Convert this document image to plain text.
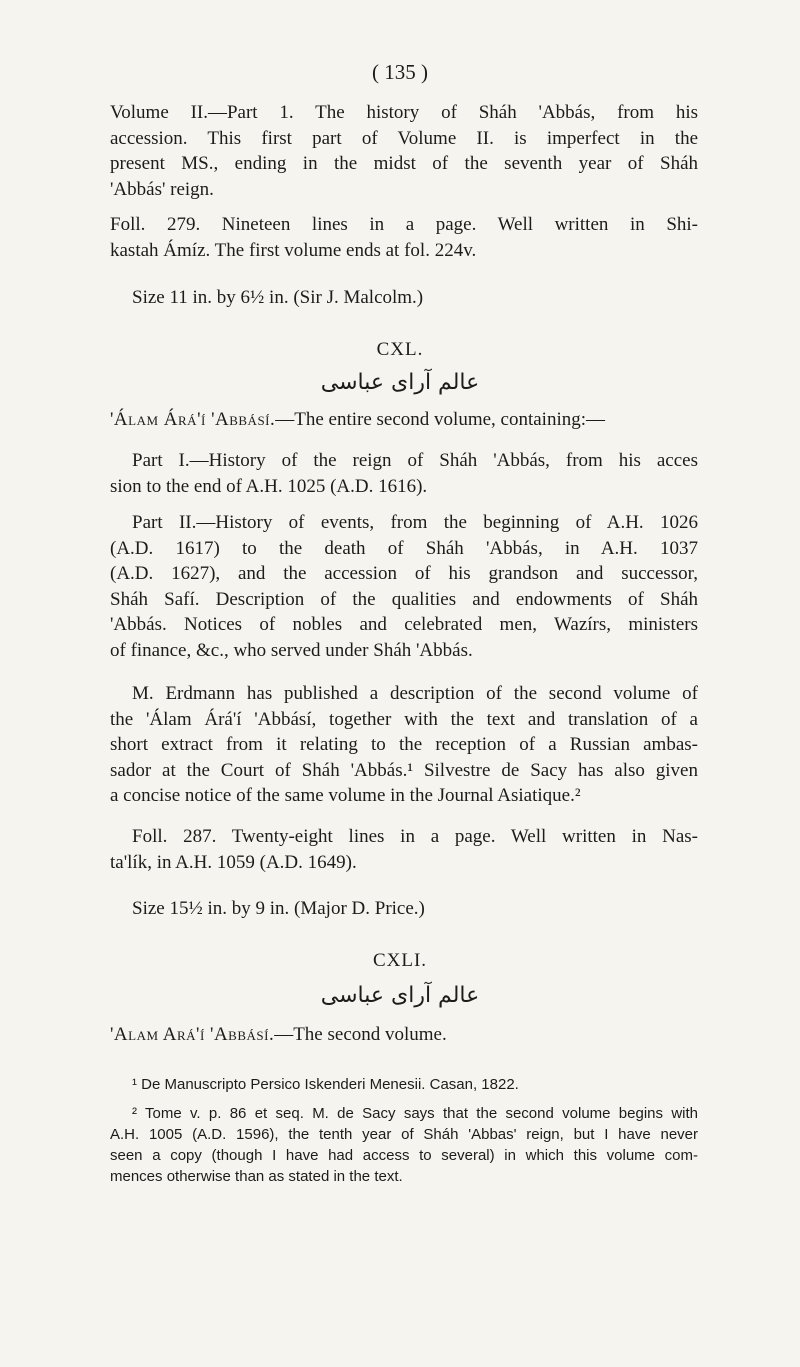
( 135 )
Volume II.—Part 1. The history of Sháh 'Abbás, from his
accession. This first part of Volume II. is imperfect in the
present MS., ending in the midst of the seventh year of Sháh
'Abbás' reign.
Foll. 279. Nineteen lines in a page. Well written in Shi-
kastah Ámíz. The first volume ends at fol. 224v.
Size 11 in. by 6½ in. (Sir J. Malcolm.)
CXL.
عالم آرای عباسی
'Álam Árá'í 'Abbásí.—The entire second volume, containing:—
Part I.—History of the reign of Sháh 'Abbás, from his acces
sion to the end of A.H. 1025 (A.D. 1616).
Part II.—History of events, from the beginning of A.H. 1026
(A.D. 1617) to the death of Sháh 'Abbás, in A.H. 1037
(A.D. 1627), and the accession of his grandson and successor,
Sháh Safí. Description of the qualities and endowments of Sháh
'Abbás. Notices of nobles and celebrated men, Wazírs, ministers
of finance, &c., who served under Sháh 'Abbás.
M. Erdmann has published a description of the second volume of
the 'Álam Árá'í 'Abbásí, together with the text and translation of a
short extract from it relating to the reception of a Russian ambas-
sador at the Court of Sháh 'Abbás.¹ Silvestre de Sacy has also given
a concise notice of the same volume in the Journal Asiatique.²
Foll. 287. Twenty-eight lines in a page. Well written in Nas-
ta'lík, in A.H. 1059 (A.D. 1649).
Size 15½ in. by 9 in. (Major D. Price.)
CXLI.
عالم آرای عباسی
'Alam Ará'í 'Abbásí.—The second volume.
¹ De Manuscripto Persico Iskenderi Menesii. Casan, 1822.
² Tome v. p. 86 et seq. M. de Sacy says that the second volume begins with
A.H. 1005 (A.D. 1596), the tenth year of Sháh 'Abbas' reign, but I have never
seen a copy (though I have had access to several) in which this volume com-
mences otherwise than as stated in the text.
